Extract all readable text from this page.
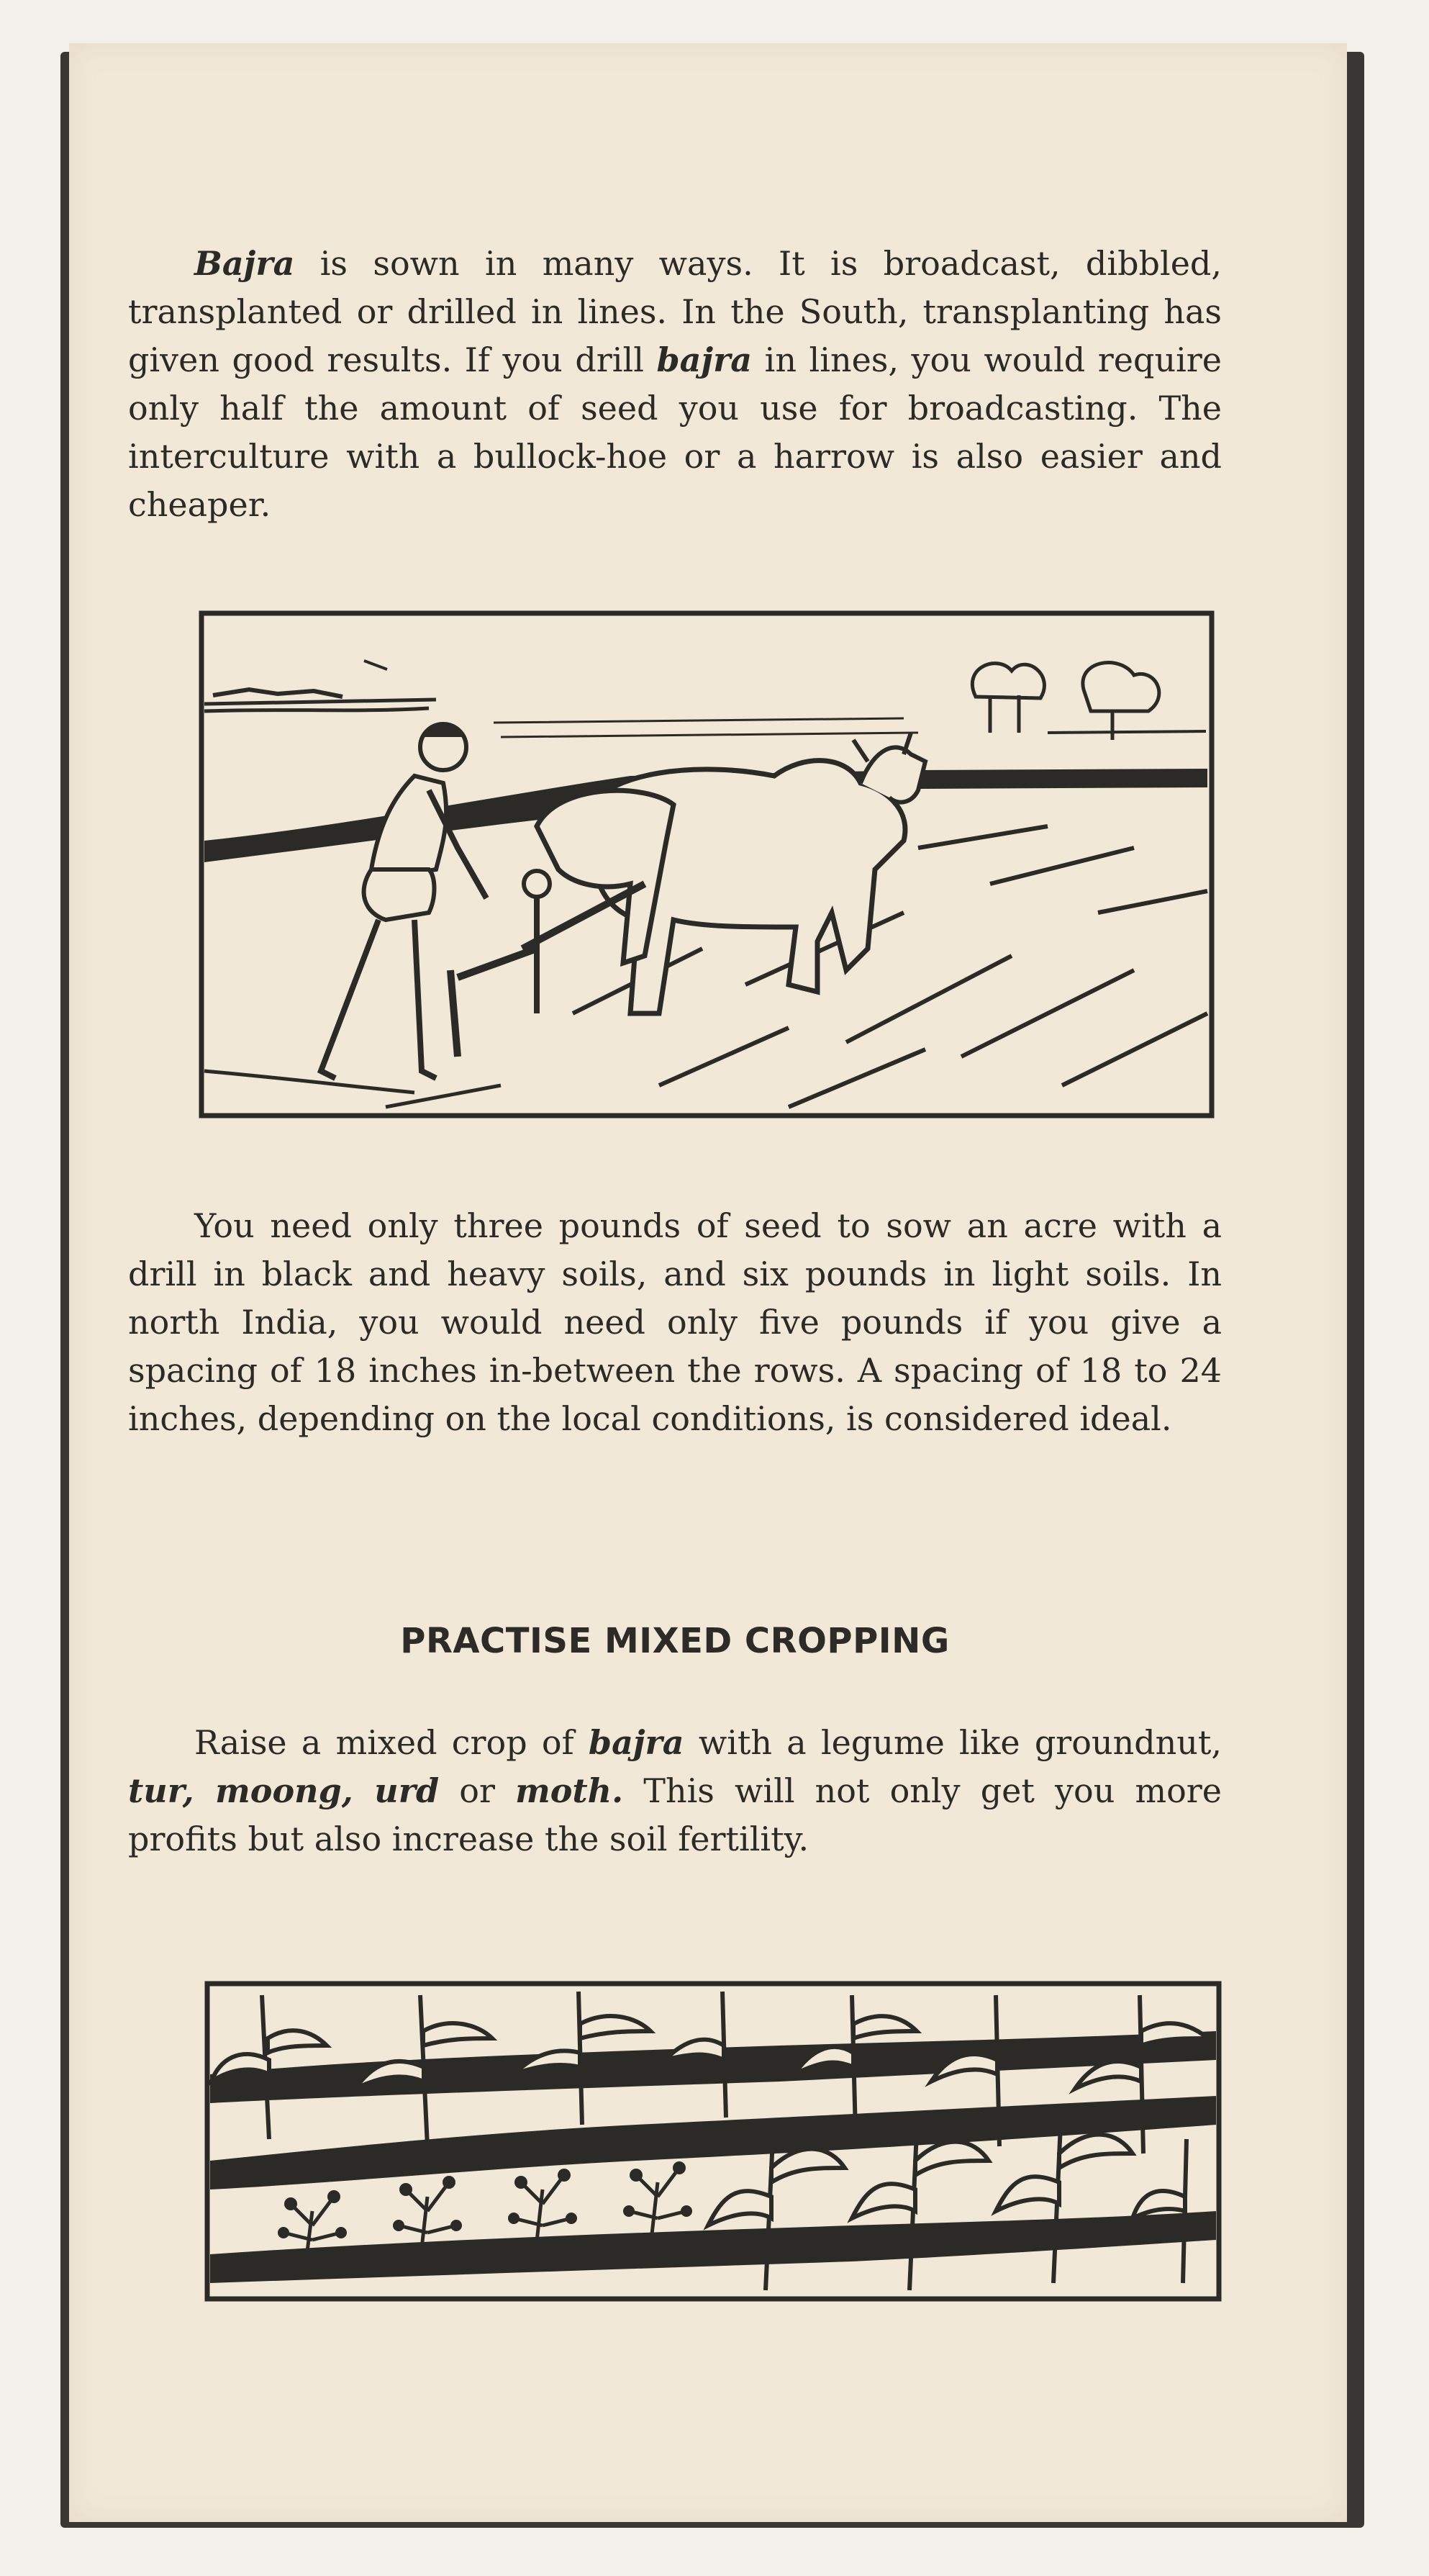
Bajra is sown in many ways. It is broadcast, dibbled, transplanted or drilled in lines. In the South, transplanting has given good results. If you drill bajra in lines, you would require only half the amount of seed you use for broadcasting. The interculture with a bullock-hoe or a harrow is also easier and cheaper.

You need only three pounds of seed to sow an acre with a drill in black and heavy soils, and six pounds in light soils. In north India, you would need only five pounds if you give a spacing of 18 inches in-between the rows. A spacing of 18 to 24 inches, depending on the local conditions, is considered ideal.

PRACTISE MIXED CROPPING

Raise a mixed crop of bajra with a legume like groundnut, tur, moong, urd or moth. This will not only get you more profits but also increase the soil fertility.
